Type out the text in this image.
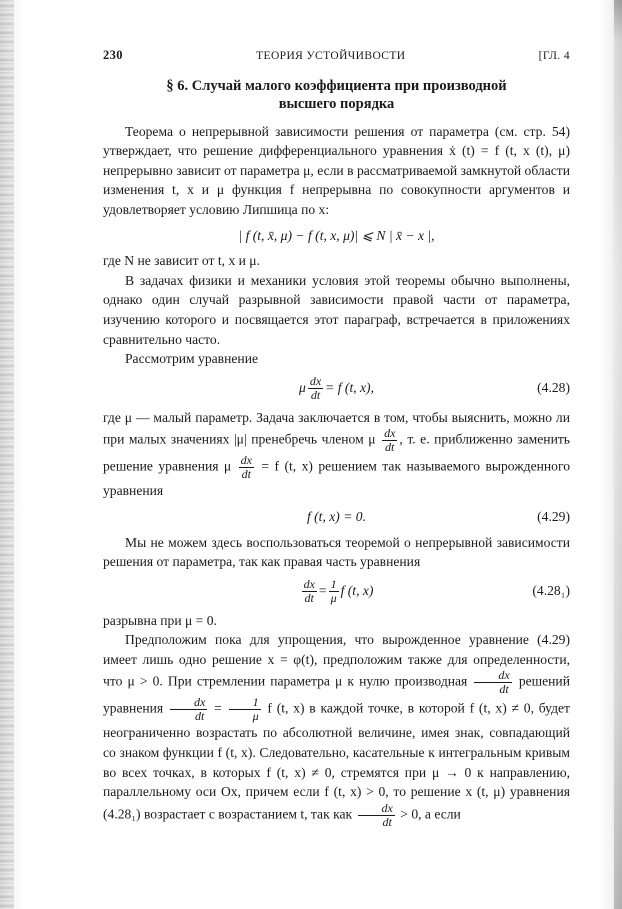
230	ТЕОРИЯ УСТОЙЧИВОСТИ	[ГЛ. 4
§ 6. Случай малого коэффициента при производной
высшего порядка

Теорема о непрерывной зависимости решения от параметра (см. стр. 54) утверждает, что решение дифференциального уравнения ẋ (t) = f (t, x (t), μ) непрерывно зависит от параметра μ, если в рассматриваемой замкнутой области изменения t, x и μ функция f непрерывна по совокупности аргументов и удовлетворяет условию Липшица по x:

| f (t, x̄, μ) − f (t, x, μ)| ⩽ N | x̄ − x |,

где N не зависит от t, x и μ.

В задачах физики и механики условия этой теоремы обычно выполнены, однако один случай разрывной зависимости правой части от параметра, изучению которого и посвящается этот параграф, встречается в приложениях сравнительно часто.

Рассмотрим уравнение

μ $\frac{dx}{dt} = f$ (t, x),	(4.28)

где μ — малый параметр. Задача заключается в том, чтобы выяснить, можно ли при малых значениях |μ| пренебречь членом μ $\frac{dx}{dt}$ , т. е. приближенно заменить решение уравнения μ $\frac{dx}{dt} = f$ (t, x) решением так называемого вырожденного уравнения

f (t, x) = 0.	(4.29)

Мы не можем здесь воспользоваться теоремой о непрерывной зависимости решения от параметра, так как правая часть уравнения

$\frac{dx}{dt} = \frac{1}{\mu}$ f (t, x)	(4.28₁)

разрывна при μ = 0.

Предположим пока для упрощения, что вырожденное уравнение (4.29) имеет лишь одно решение x = φ(t), предположим также для определенности, что μ > 0. При стремлении параметра μ к нулю производная $\frac{dx}{dt}$ решений уравнения $\frac{dx}{dt} = \frac{1}{\mu}$ f (t, x) в каждой точке, в которой f (t, x) ≠ 0, будет неограниченно возрастать по абсолютной величине, имея знак, совпадающий со знаком функции f (t, x). Следовательно, касательные к интегральным кривым во всех точках, в которых f (t, x) ≠ 0, стремятся при μ → 0 к направлению, параллельному оси Ox, причем если f (t, x) > 0, то решение x (t, μ) уравнения (4.28₁) возрастает с возрастанием t, так как $\frac{dx}{dt} > 0$, а если
